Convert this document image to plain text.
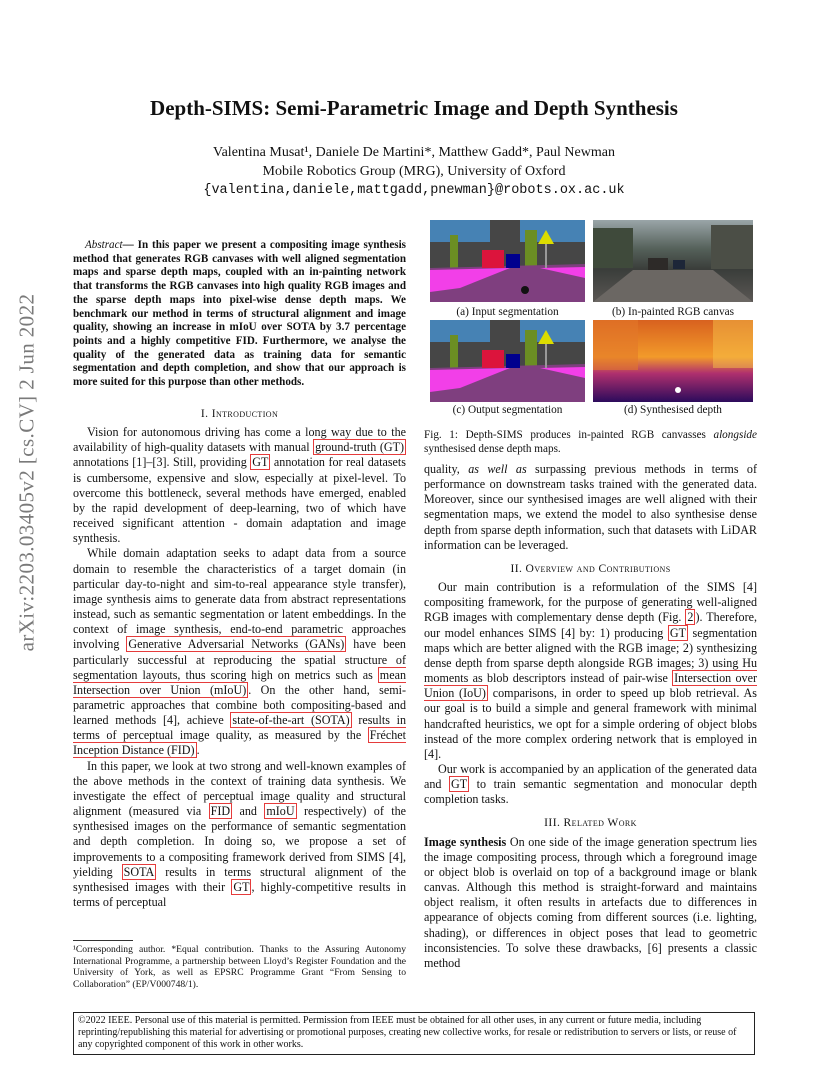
Depth-SIMS: Semi-Parametric Image and Depth Synthesis
Valentina Musat¹, Daniele De Martini*, Matthew Gadd*, Paul Newman
Mobile Robotics Group (MRG), University of Oxford
{valentina,daniele,mattgadd,pnewman}@robots.ox.ac.uk
arXiv:2203.03405v2 [cs.CV] 2 Jun 2022
Abstract— In this paper we present a compositing image synthesis method that generates RGB canvases with well aligned segmentation maps and sparse depth maps, coupled with an in-painting network that transforms the RGB canvases into high quality RGB images and the sparse depth maps into pixel-wise dense depth maps. We benchmark our method in terms of structural alignment and image quality, showing an increase in mIoU over SOTA by 3.7 percentage points and a highly competitive FID. Furthermore, we analyse the quality of the generated data as training data for semantic segmentation and depth completion, and show that our approach is more suited for this purpose than other methods.
I. Introduction

Vision for autonomous driving has come a long way due to the availability of high-quality datasets with manual ground-truth (GT) annotations [1]–[3]. Still, providing GT annotation for real datasets is cumbersome, expensive and slow, especially at pixel-level. To overcome this bottleneck, several methods have emerged, enabled by the rapid development of deep-learning, two of which have received significant attention - domain adaptation and image synthesis.

While domain adaptation seeks to adapt data from a source domain to resemble the characteristics of a target domain (in particular day-to-night and sim-to-real appearance style transfer), image synthesis aims to generate data from abstract representations instead, such as semantic segmentation or latent embeddings. In the context of image synthesis, end-to-end parametric approaches involving Generative Adversarial Networks (GANs) have been particularly successful at reproducing the spatial structure of segmentation layouts, thus scoring high on metrics such as mean Intersection over Union (mIoU) . On the other hand, semi-parametric approaches that combine both compositing-based and learned methods [4], achieve state-of-the-art (SOTA) results in terms of perceptual image quality, as measured by the Fréchet Inception Distance (FID) .

In this paper, we look at two strong and well-known examples of the above methods in the context of training data synthesis. We investigate the effect of perceptual image quality and structural alignment (measured via FID and mIoU respectively) of the synthesised images on the performance of semantic segmentation and depth completion. In doing so, we propose a set of improvements to a compositing framework derived from SIMS [4], yielding SOTA results in terms structural alignment of the synthesised images with their GT , highly-competitive results in terms of perceptual

¹Corresponding author. *Equal contribution. Thanks to the Assuring Autonomy International Programme, a partnership between Lloyd’s Register Foundation and the University of York, as well as EPSRC Programme Grant “From Sensing to Collaboration” (EP/V000748/1).
(a) Input segmentation	(b) In-painted RGB canvas
(c) Output segmentation	(d) Synthesised depth
Fig. 1: Depth-SIMS produces in-painted RGB canvasses alongside synthesised dense depth maps.

quality, as well as surpassing previous methods in terms of performance on downstream tasks trained with the generated data. Moreover, since our synthesised images are well aligned with their segmentation maps, we extend the model to also synthesise dense depth from sparse depth information, such that datasets with LiDAR information can be leveraged.

II. Overview and Contributions

Our main contribution is a reformulation of the SIMS [4] compositing framework, for the purpose of generating well-aligned RGB images with complementary dense depth (Fig. 2 ). Therefore, our model enhances SIMS [4] by: 1) producing GT segmentation maps which are better aligned with the RGB image; 2) synthesizing dense depth from sparse depth alongside RGB images; 3) using Hu moments as blob descriptors instead of pair-wise Intersection over Union (IoU) comparisons, in order to speed up blob retrieval. As our goal is to build a simple and general framework with minimal handcrafted heuristics, we opt for a simple ordering of object blobs instead of the more complex ordering network that is employed in [4].

Our work is accompanied by an application of the generated data and GT to train semantic segmentation and monocular depth completion tasks.

III. Related Work

Image synthesis On one side of the image generation spectrum lies the image compositing process, through which a foreground image or object blob is overlaid on top of a background image or blank canvas. Although this method is straight-forward and maintains object realism, it often results in artefacts due to differences in appearance of objects coming from different sources (i.e. lighting, shading), or differences in object poses that lead to geometric inconsistencies. To solve these drawbacks, [6] presents a classic method

©2022 IEEE. Personal use of this material is permitted. Permission from IEEE must be obtained for all other uses, in any current or future media, including reprinting/republishing this material for advertising or promotional purposes, creating new collective works, for resale or redistribution to servers or lists, or reuse of any copyrighted component of this work in other works.
